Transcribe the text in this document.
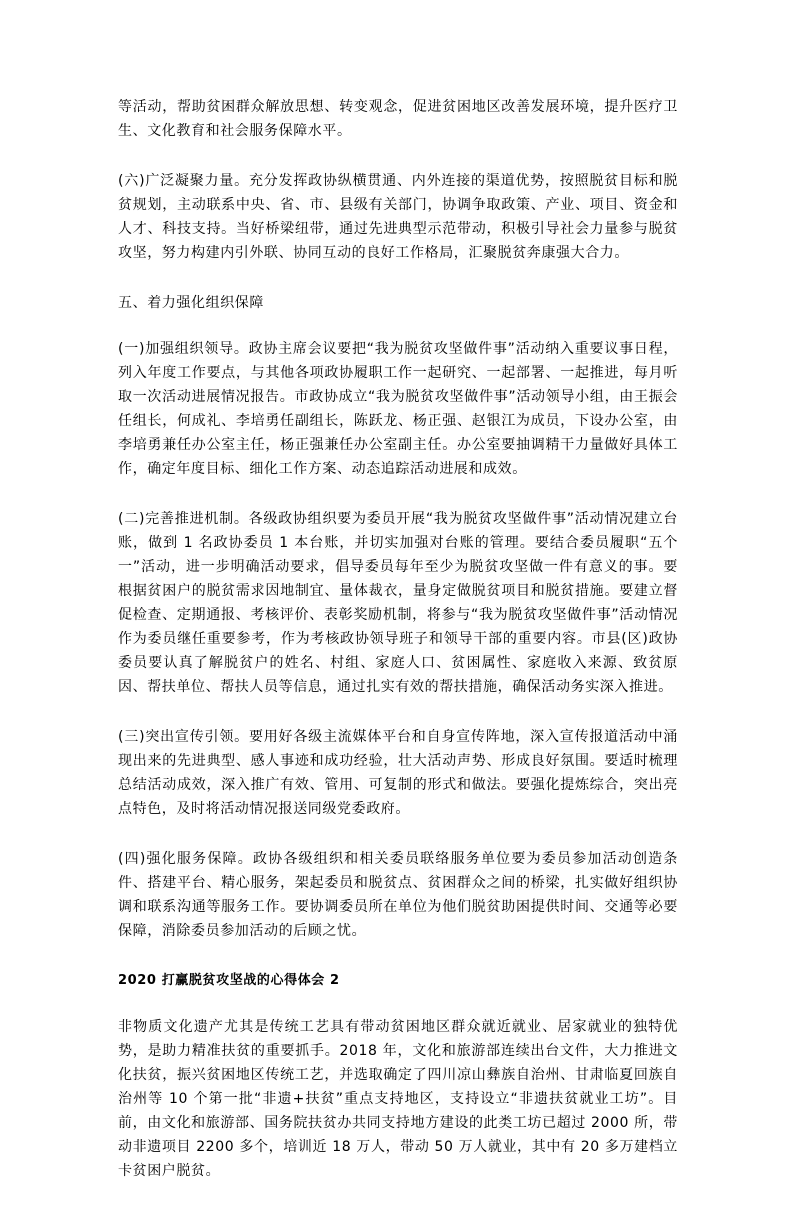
等活动，帮助贫困群众解放思想、转变观念，促进贫困地区改善发展环境，提升医疗卫生、文化教育和社会服务保障水平。

(六)广泛凝聚力量。充分发挥政协纵横贯通、内外连接的渠道优势，按照脱贫目标和脱贫规划，主动联系中央、省、市、县级有关部门，协调争取政策、产业、项目、资金和人才、科技支持。当好桥梁纽带，通过先进典型示范带动，积极引导社会力量参与脱贫攻坚，努力构建内引外联、协同互动的良好工作格局，汇聚脱贫奔康强大合力。

五、着力强化组织保障

(一)加强组织领导。政协主席会议要把“我为脱贫攻坚做件事”活动纳入重要议事日程，列入年度工作要点，与其他各项政协履职工作一起研究、一起部署、一起推进，每月听取一次活动进展情况报告。市政协成立“我为脱贫攻坚做件事”活动领导小组，由王振会任组长，何成礼、李培勇任副组长，陈跃龙、杨正强、赵银江为成员，下设办公室，由李培勇兼任办公室主任，杨正强兼任办公室副主任。办公室要抽调精干力量做好具体工作，确定年度目标、细化工作方案、动态追踪活动进展和成效。

(二)完善推进机制。各级政协组织要为委员开展“我为脱贫攻坚做件事”活动情况建立台账，做到 1 名政协委员 1 本台账，并切实加强对台账的管理。要结合委员履职“五个一”活动，进一步明确活动要求，倡导委员每年至少为脱贫攻坚做一件有意义的事。要根据贫困户的脱贫需求因地制宜、量体裁衣，量身定做脱贫项目和脱贫措施。要建立督促检查、定期通报、考核评价、表彰奖励机制，将参与“我为脱贫攻坚做件事”活动情况作为委员继任重要参考，作为考核政协领导班子和领导干部的重要内容。市县(区)政协委员要认真了解脱贫户的姓名、村组、家庭人口、贫困属性、家庭收入来源、致贫原因、帮扶单位、帮扶人员等信息，通过扎实有效的帮扶措施，确保活动务实深入推进。

(三)突出宣传引领。要用好各级主流媒体平台和自身宣传阵地，深入宣传报道活动中涌现出来的先进典型、感人事迹和成功经验，壮大活动声势、形成良好氛围。要适时梳理总结活动成效，深入推广有效、管用、可复制的形式和做法。要强化提炼综合，突出亮点特色，及时将活动情况报送同级党委政府。

(四)强化服务保障。政协各级组织和相关委员联络服务单位要为委员参加活动创造条件、搭建平台、精心服务，架起委员和脱贫点、贫困群众之间的桥梁，扎实做好组织协调和联系沟通等服务工作。要协调委员所在单位为他们脱贫助困提供时间、交通等必要保障，消除委员参加活动的后顾之忧。

2020 打赢脱贫攻坚战的心得体会 2

非物质文化遗产尤其是传统工艺具有带动贫困地区群众就近就业、居家就业的独特优势，是助力精准扶贫的重要抓手。2018 年，文化和旅游部连续出台文件，大力推进文化扶贫，振兴贫困地区传统工艺，并选取确定了四川凉山彝族自治州、甘肃临夏回族自治州等 10 个第一批“非遗+扶贫”重点支持地区，支持设立“非遗扶贫就业工坊”。目前，由文化和旅游部、国务院扶贫办共同支持地方建设的此类工坊已超过 2000 所，带动非遗项目 2200 多个，培训近 18 万人，带动 50 万人就业，其中有 20 多万建档立卡贫困户脱贫。
